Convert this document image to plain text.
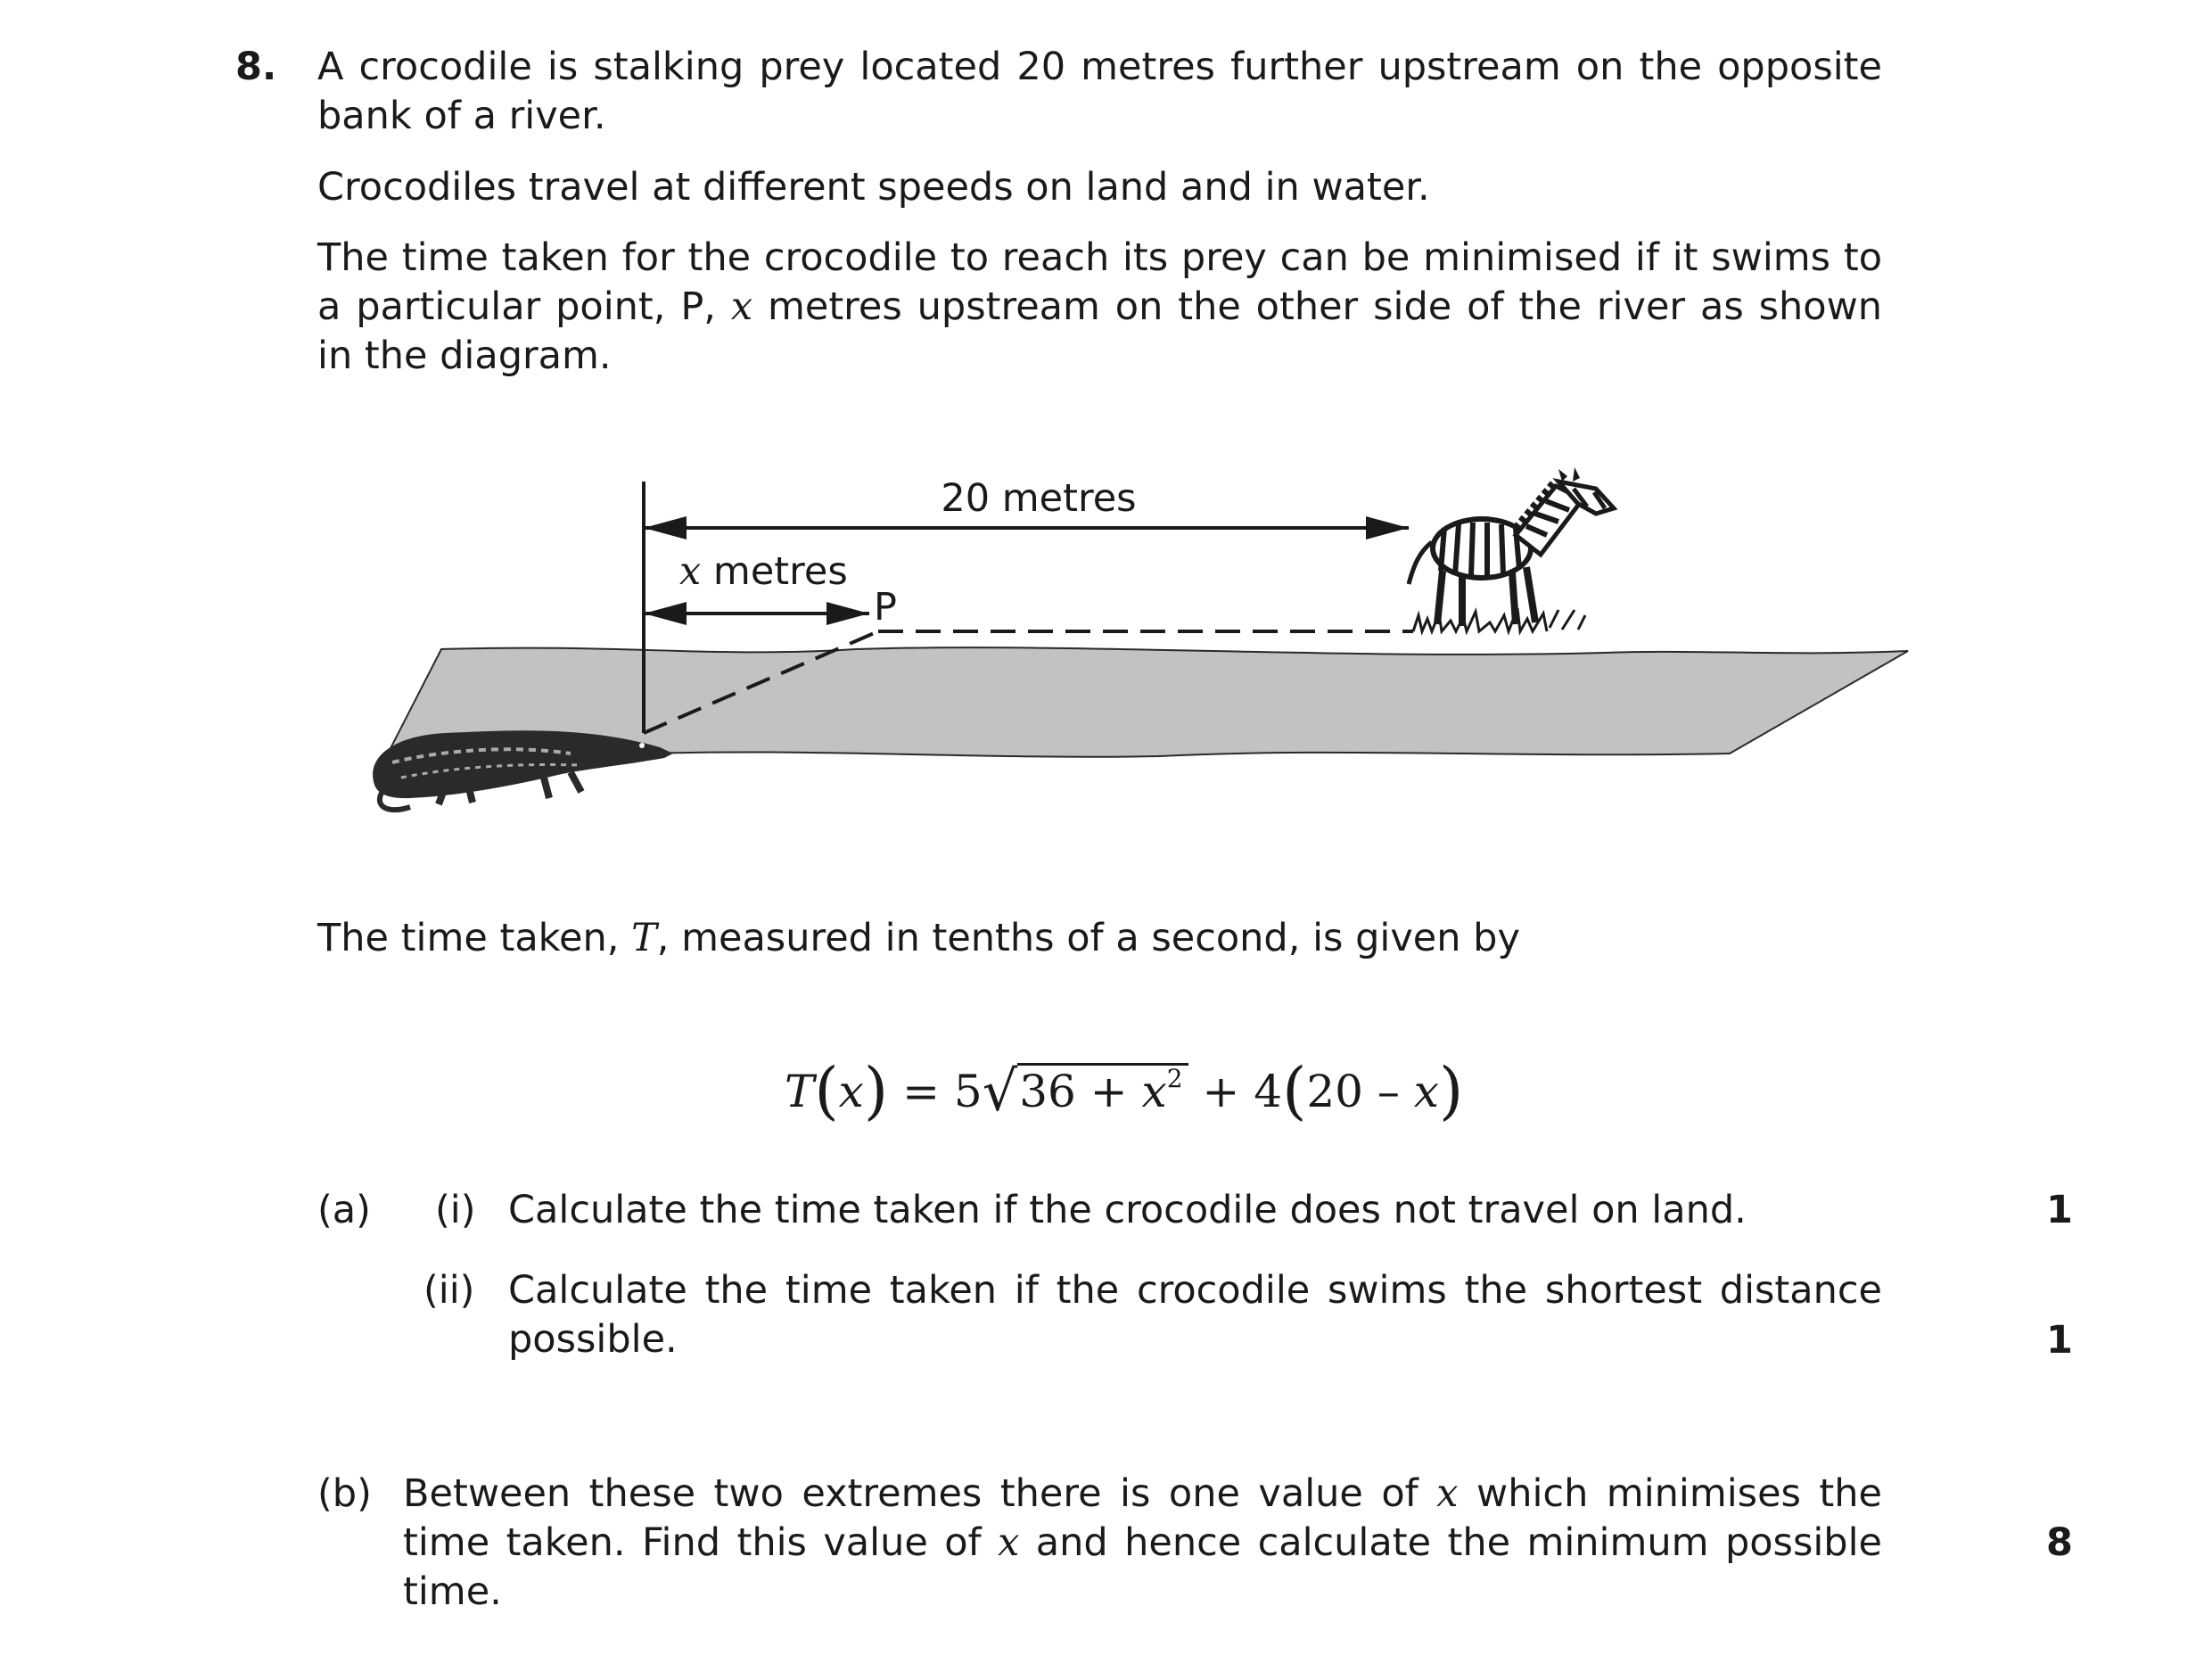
8. A crocodile is stalking prey located 20 metres further upstream on the opposite bank of a river.
Crocodiles travel at different speeds on land and in water.
The time taken for the crocodile to reach its prey can be minimised if it swims to a particular point, P, x metres upstream on the other side of the river as shown in the diagram.
20 metres
x metres
P
The time taken, T, measured in tenths of a second, is given by
$T(x) = 5√36 + x^2 + 4(20 - x)$
(a) (i) Calculate the time taken if the crocodile does not travel on land.	1
(ii) Calculate the time taken if the crocodile swims the shortest distance possible.	1
(b) Between these two extremes there is one value of x which minimises the time taken. Find this value of x and hence calculate the minimum possible time.
8
